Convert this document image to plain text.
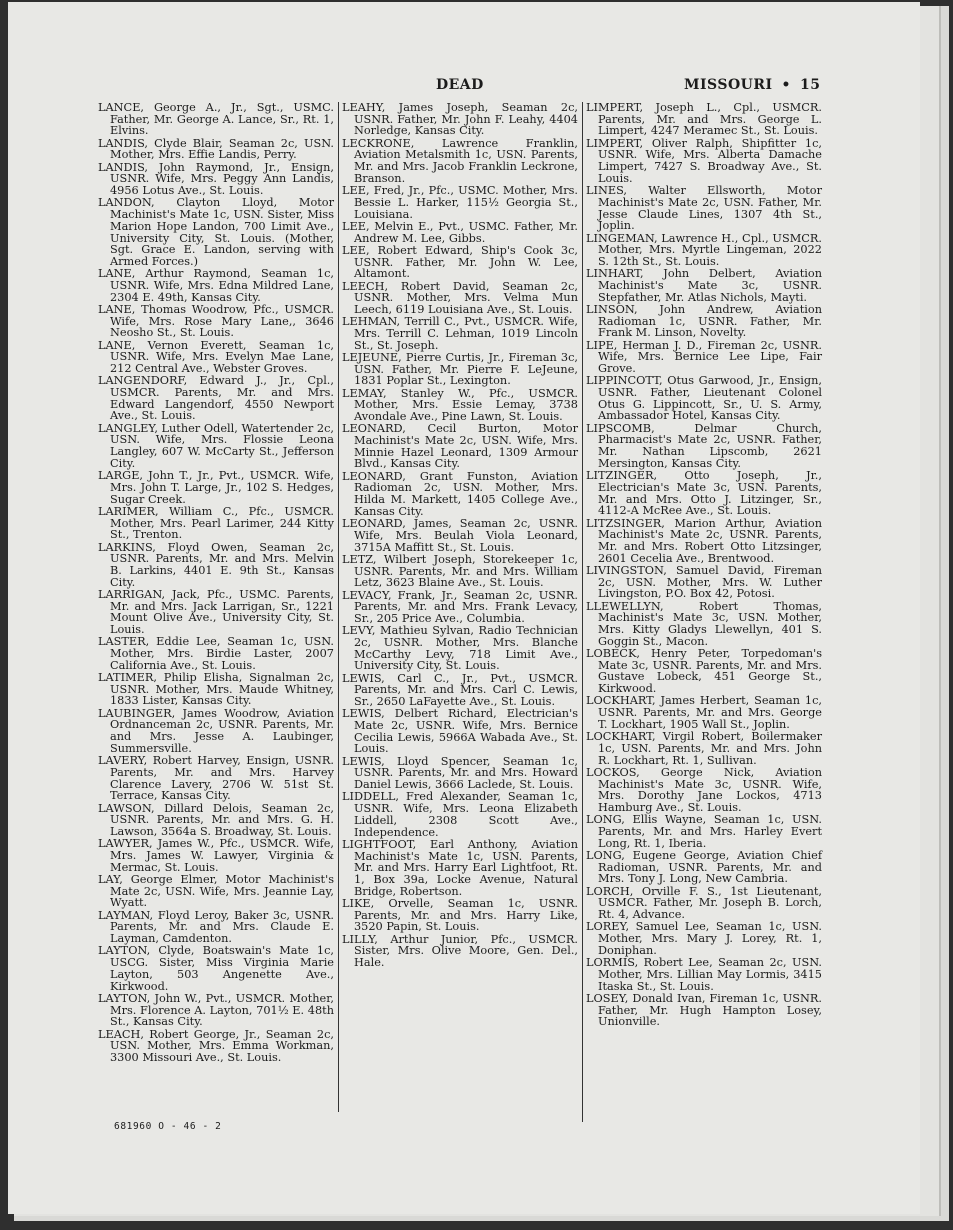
DEAD	MISSOURI • 15

LANCE, George A., Jr., Sgt., USMC. Father, Mr. George A. Lance, Sr., Rt. 1, Elvins.

LANDIS, Clyde Blair, Seaman 2c, USN. Mother, Mrs. Effie Landis, Perry.

LANDIS, John Raymond, Jr., Ensign, USNR. Wife, Mrs. Peggy Ann Landis, 4956 Lotus Ave., St. Louis.

LANDON, Clayton Lloyd, Motor Machinist's Mate 1c, USN. Sister, Miss Marion Hope Landon, 700 Limit Ave., University City, St. Louis. (Mother, Sgt. Grace E. Landon, serving with Armed Forces.)

LANE, Arthur Raymond, Seaman 1c, USNR. Wife, Mrs. Edna Mildred Lane, 2304 E. 49th, Kansas City.

LANE, Thomas Woodrow, Pfc., USMCR. Wife, Mrs. Rose Mary Lane,, 3646 Neosho St., St. Louis.

LANE, Vernon Everett, Seaman 1c, USNR. Wife, Mrs. Evelyn Mae Lane, 212 Central Ave., Webster Groves.

LANGENDORF, Edward J., Jr., Cpl., USMCR. Parents, Mr. and Mrs. Edward Langendorf, 4550 Newport Ave., St. Louis.

LANGLEY, Luther Odell, Watertender 2c, USN. Wife, Mrs. Flossie Leona Langley, 607 W. McCarty St., Jefferson City.

LARGE, John T., Jr., Pvt., USMCR. Wife, Mrs. John T. Large, Jr., 102 S. Hedges, Sugar Creek.

LARIMER, William C., Pfc., USMCR. Mother, Mrs. Pearl Larimer, 244 Kitty St., Trenton.

LARKINS, Floyd Owen, Seaman 2c, USNR. Parents, Mr. and Mrs. Melvin B. Larkins, 4401 E. 9th St., Kansas City.

LARRIGAN, Jack, Pfc., USMC. Parents, Mr. and Mrs. Jack Larrigan, Sr., 1221 Mount Olive Ave., University City, St. Louis.

LASTER, Eddie Lee, Seaman 1c, USN. Mother, Mrs. Birdie Laster, 2007 California Ave., St. Louis.

LATIMER, Philip Elisha, Signalman 2c, USNR. Mother, Mrs. Maude Whitney, 1833 Lister, Kansas City.

LAUBINGER, James Woodrow, Aviation Ordnanceman 2c, USNR. Parents, Mr. and Mrs. Jesse A. Laubinger, Summersville.

LAVERY, Robert Harvey, Ensign, USNR. Parents, Mr. and Mrs. Harvey Clarence Lavery, 2706 W. 51st St. Terrace, Kansas City.

LAWSON, Dillard Delois, Seaman 2c, USNR. Parents, Mr. and Mrs. G. H. Lawson, 3564a S. Broadway, St. Louis.

LAWYER, James W., Pfc., USMCR. Wife, Mrs. James W. Lawyer, Virginia & Mermac, St. Louis.

LAY, George Elmer, Motor Machinist's Mate 2c, USN. Wife, Mrs. Jeannie Lay, Wyatt.

LAYMAN, Floyd Leroy, Baker 3c, USNR. Parents, Mr. and Mrs. Claude E. Layman, Camdenton.

LAYTON, Clyde, Boatswain's Mate 1c, USCG. Sister, Miss Virginia Marie Layton, 503 Angenette Ave., Kirkwood.

LAYTON, John W., Pvt., USMCR. Mother, Mrs. Florence A. Layton, 701½ E. 48th St., Kansas City.

LEACH, Robert George, Jr., Seaman 2c, USN. Mother, Mrs. Emma Workman, 3300 Missouri Ave., St. Louis.

LEAHY, James Joseph, Seaman 2c, USNR. Father, Mr. John F. Leahy, 4404 Norledge, Kansas City.

LECKRONE, Lawrence Franklin, Aviation Metalsmith 1c, USN. Parents, Mr. and Mrs. Jacob Franklin Leckrone, Branson.

LEE, Fred, Jr., Pfc., USMC. Mother, Mrs. Bessie L. Harker, 115½ Georgia St., Louisiana.

LEE, Melvin E., Pvt., USMC. Father, Mr. Andrew M. Lee, Gibbs.

LEE, Robert Edward, Ship's Cook 3c, USNR. Father, Mr. John W. Lee, Altamont.

LEECH, Robert David, Seaman 2c, USNR. Mother, Mrs. Velma Mun Leech, 6119 Louisiana Ave., St. Louis.

LEHMAN, Terrill C., Pvt., USMCR. Wife, Mrs. Terrill C. Lehman, 1019 Lincoln St., St. Joseph.

LEJEUNE, Pierre Curtis, Jr., Fireman 3c, USN. Father, Mr. Pierre F. LeJeune, 1831 Poplar St., Lexington.

LEMAY, Stanley W., Pfc., USMCR. Mother, Mrs. Essie Lemay, 3738 Avondale Ave., Pine Lawn, St. Louis.

LEONARD, Cecil Burton, Motor Machinist's Mate 2c, USN. Wife, Mrs. Minnie Hazel Leonard, 1309 Armour Blvd., Kansas City.

LEONARD, Grant Funston, Aviation Radioman 2c, USN. Mother, Mrs. Hilda M. Markett, 1405 College Ave., Kansas City.

LEONARD, James, Seaman 2c, USNR. Wife, Mrs. Beulah Viola Leonard, 3715A Maffitt St., St. Louis.

LETZ, Wilbert Joseph, Storekeeper 1c, USNR. Parents, Mr. and Mrs. William Letz, 3623 Blaine Ave., St. Louis.

LEVACY, Frank, Jr., Seaman 2c, USNR. Parents, Mr. and Mrs. Frank Levacy, Sr., 205 Price Ave., Columbia.

LEVY, Mathieu Sylvan, Radio Technician 2c, USNR. Mother, Mrs. Blanche McCarthy Levy, 718 Limit Ave., University City, St. Louis.

LEWIS, Carl C., Jr., Pvt., USMCR. Parents, Mr. and Mrs. Carl C. Lewis, Sr., 2650 LaFayette Ave., St. Louis.

LEWIS, Delbert Richard, Electrician's Mate 2c, USNR. Wife, Mrs. Bernice Cecilia Lewis, 5966A Wabada Ave., St. Louis.

LEWIS, Lloyd Spencer, Seaman 1c, USNR. Parents, Mr. and Mrs. Howard Daniel Lewis, 3666 Laclede, St. Louis.

LIDDELL, Fred Alexander, Seaman 1c, USNR. Wife, Mrs. Leona Elizabeth Liddell, 2308 Scott Ave., Independence.

LIGHTFOOT, Earl Anthony, Aviation Machinist's Mate 1c, USN. Parents, Mr. and Mrs. Harry Earl Lightfoot, Rt. 1, Box 39a, Locke Avenue, Natural Bridge, Robertson.

LIKE, Orvelle, Seaman 1c, USNR. Parents, Mr. and Mrs. Harry Like, 3520 Papin, St. Louis.

LILLY, Arthur Junior, Pfc., USMCR. Sister, Mrs. Olive Moore, Gen. Del., Hale.

LIMPERT, Joseph L., Cpl., USMCR. Parents, Mr. and Mrs. George L. Limpert, 4247 Meramec St., St. Louis.

LIMPERT, Oliver Ralph, Shipfitter 1c, USNR. Wife, Mrs. Alberta Damache Limpert, 7427 S. Broadway Ave., St. Louis.

LINES, Walter Ellsworth, Motor Machinist's Mate 2c, USN. Father, Mr. Jesse Claude Lines, 1307 4th St., Joplin.

LINGEMAN, Lawrence H., Cpl., USMCR. Mother, Mrs. Myrtle Lingeman, 2022 S. 12th St., St. Louis.

LINHART, John Delbert, Aviation Machinist's Mate 3c, USNR. Stepfather, Mr. Atlas Nichols, Mayti.

LINSON, John Andrew, Aviation Radioman 1c, USNR. Father, Mr. Frank M. Linson, Novelty.

LIPE, Herman J. D., Fireman 2c, USNR. Wife, Mrs. Bernice Lee Lipe, Fair Grove.

LIPPINCOTT, Otus Garwood, Jr., Ensign, USNR. Father, Lieutenant Colonel Otus G. Lippincott, Sr., U. S. Army, Ambassador Hotel, Kansas City.

LIPSCOMB, Delmar Church, Pharmacist's Mate 2c, USNR. Father, Mr. Nathan Lipscomb, 2621 Mersington, Kansas City.

LITZINGER, Otto Joseph, Jr., Electrician's Mate 3c, USN. Parents, Mr. and Mrs. Otto J. Litzinger, Sr., 4112-A McRee Ave., St. Louis.

LITZSINGER, Marion Arthur, Aviation Machinist's Mate 2c, USNR. Parents, Mr. and Mrs. Robert Otto Litzsinger, 2601 Cecelia Ave., Brentwood.

LIVINGSTON, Samuel David, Fireman 2c, USN. Mother, Mrs. W. Luther Livingston, P.O. Box 42, Potosi.

LLEWELLYN, Robert Thomas, Machinist's Mate 3c, USN. Mother, Mrs. Kitty Gladys Llewellyn, 401 S. Goggin St., Macon.

LOBECK, Henry Peter, Torpedoman's Mate 3c, USNR. Parents, Mr. and Mrs. Gustave Lobeck, 451 George St., Kirkwood.

LOCKHART, James Herbert, Seaman 1c, USNR. Parents, Mr. and Mrs. George T. Lockhart, 1905 Wall St., Joplin.

LOCKHART, Virgil Robert, Boilermaker 1c, USN. Parents, Mr. and Mrs. John R. Lockhart, Rt. 1, Sullivan.

LOCKOS, George Nick, Aviation Machinist's Mate 3c, USNR. Wife, Mrs. Dorothy Jane Lockos, 4713 Hamburg Ave., St. Louis.

LONG, Ellis Wayne, Seaman 1c, USN. Parents, Mr. and Mrs. Harley Evert Long, Rt. 1, Iberia.

LONG, Eugene George, Aviation Chief Radioman, USNR. Parents, Mr. and Mrs. Tony J. Long, New Cambria.

LORCH, Orville F. S., 1st Lieutenant, USMCR. Father, Mr. Joseph B. Lorch, Rt. 4, Advance.

LOREY, Samuel Lee, Seaman 1c, USN. Mother, Mrs. Mary J. Lorey, Rt. 1, Doniphan.

LORMIS, Robert Lee, Seaman 2c, USN. Mother, Mrs. Lillian May Lormis, 3415 Itaska St., St. Louis.

LOSEY, Donald Ivan, Fireman 1c, USNR. Father, Mr. Hugh Hampton Losey, Unionville.

681960 O - 46 - 2
